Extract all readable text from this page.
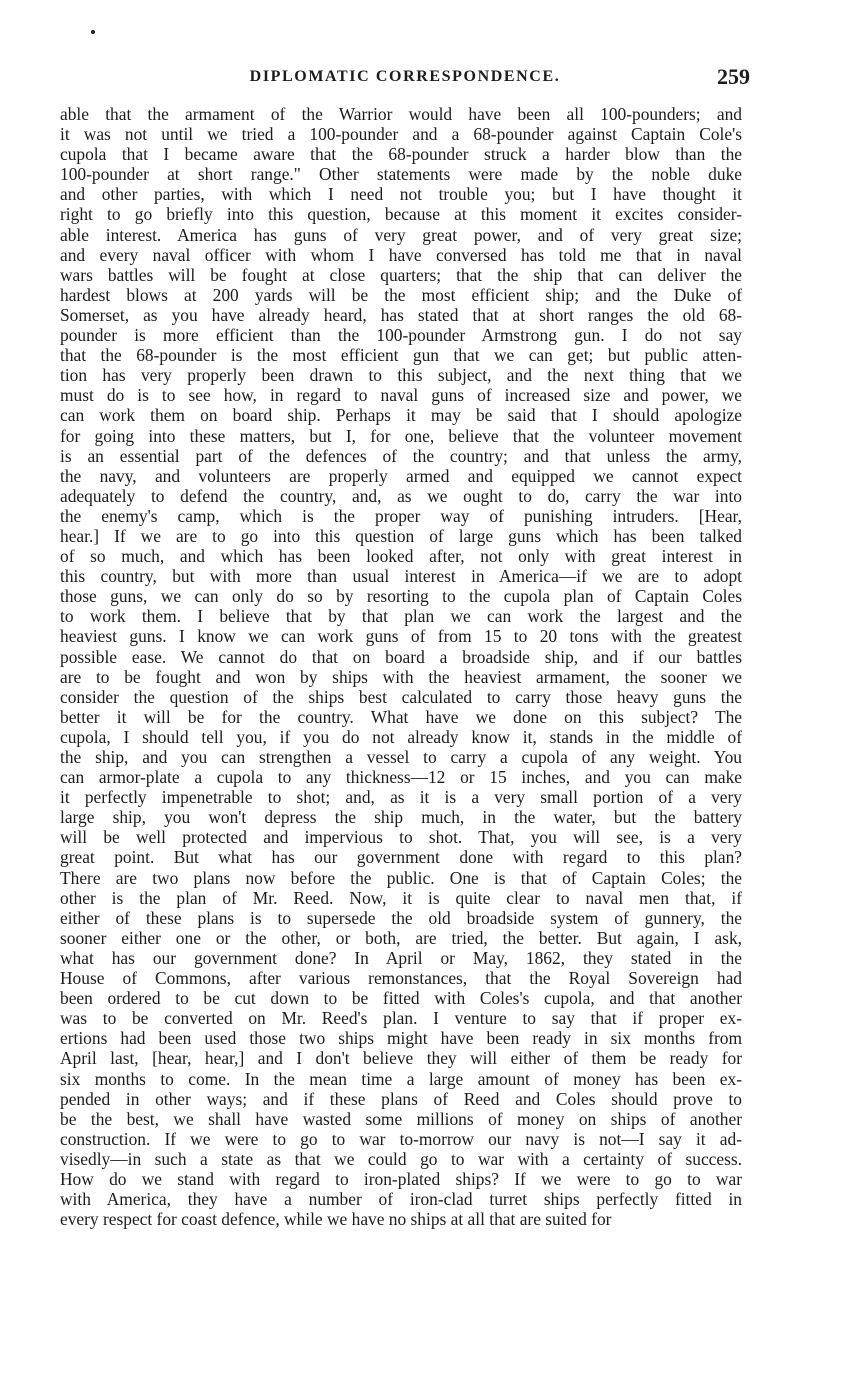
DIPLOMATIC CORRESPONDENCE.	259
able that the armament of the Warrior would have been all 100-pounders; and
it was not until we tried a 100-pounder and a 68-pounder against Captain Cole's
cupola that I became aware that the 68-pounder struck a harder blow than the
100-pounder at short range." Other statements were made by the noble duke
and other parties, with which I need not trouble you; but I have thought it
right to go briefly into this question, because at this moment it excites consider-
able interest. America has guns of very great power, and of very great size;
and every naval officer with whom I have conversed has told me that in naval
wars battles will be fought at close quarters; that the ship that can deliver the
hardest blows at 200 yards will be the most efficient ship; and the Duke of
Somerset, as you have already heard, has stated that at short ranges the old 68-
pounder is more efficient than the 100-pounder Armstrong gun. I do not say
that the 68-pounder is the most efficient gun that we can get; but public atten-
tion has very properly been drawn to this subject, and the next thing that we
must do is to see how, in regard to naval guns of increased size and power, we
can work them on board ship. Perhaps it may be said that I should apologize
for going into these matters, but I, for one, believe that the volunteer movement
is an essential part of the defences of the country; and that unless the army,
the navy, and volunteers are properly armed and equipped we cannot expect
adequately to defend the country, and, as we ought to do, carry the war into
the enemy's camp, which is the proper way of punishing intruders. [Hear,
hear.] If we are to go into this question of large guns which has been talked
of so much, and which has been looked after, not only with great interest in
this country, but with more than usual interest in America—if we are to adopt
those guns, we can only do so by resorting to the cupola plan of Captain Coles
to work them. I believe that by that plan we can work the largest and the
heaviest guns. I know we can work guns of from 15 to 20 tons with the greatest
possible ease. We cannot do that on board a broadside ship, and if our battles
are to be fought and won by ships with the heaviest armament, the sooner we
consider the question of the ships best calculated to carry those heavy guns the
better it will be for the country. What have we done on this subject? The
cupola, I should tell you, if you do not already know it, stands in the middle of
the ship, and you can strengthen a vessel to carry a cupola of any weight. You
can armor-plate a cupola to any thickness—12 or 15 inches, and you can make
it perfectly impenetrable to shot; and, as it is a very small portion of a very
large ship, you won't depress the ship much, in the water, but the battery
will be well protected and impervious to shot. That, you will see, is a very
great point. But what has our government done with regard to this plan?
There are two plans now before the public. One is that of Captain Coles; the
other is the plan of Mr. Reed. Now, it is quite clear to naval men that, if
either of these plans is to supersede the old broadside system of gunnery, the
sooner either one or the other, or both, are tried, the better. But again, I ask,
what has our government done? In April or May, 1862, they stated in the
House of Commons, after various remonstances, that the Royal Sovereign had
been ordered to be cut down to be fitted with Coles's cupola, and that another
was to be converted on Mr. Reed's plan. I venture to say that if proper ex-
ertions had been used those two ships might have been ready in six months from
April last, [hear, hear,] and I don't believe they will either of them be ready for
six months to come. In the mean time a large amount of money has been ex-
pended in other ways; and if these plans of Reed and Coles should prove to
be the best, we shall have wasted some millions of money on ships of another
construction. If we were to go to war to-morrow our navy is not—I say it ad-
visedly—in such a state as that we could go to war with a certainty of success.
How do we stand with regard to iron-plated ships? If we were to go to war
with America, they have a number of iron-clad turret ships perfectly fitted in
every respect for coast defence, while we have no ships at all that are suited for
